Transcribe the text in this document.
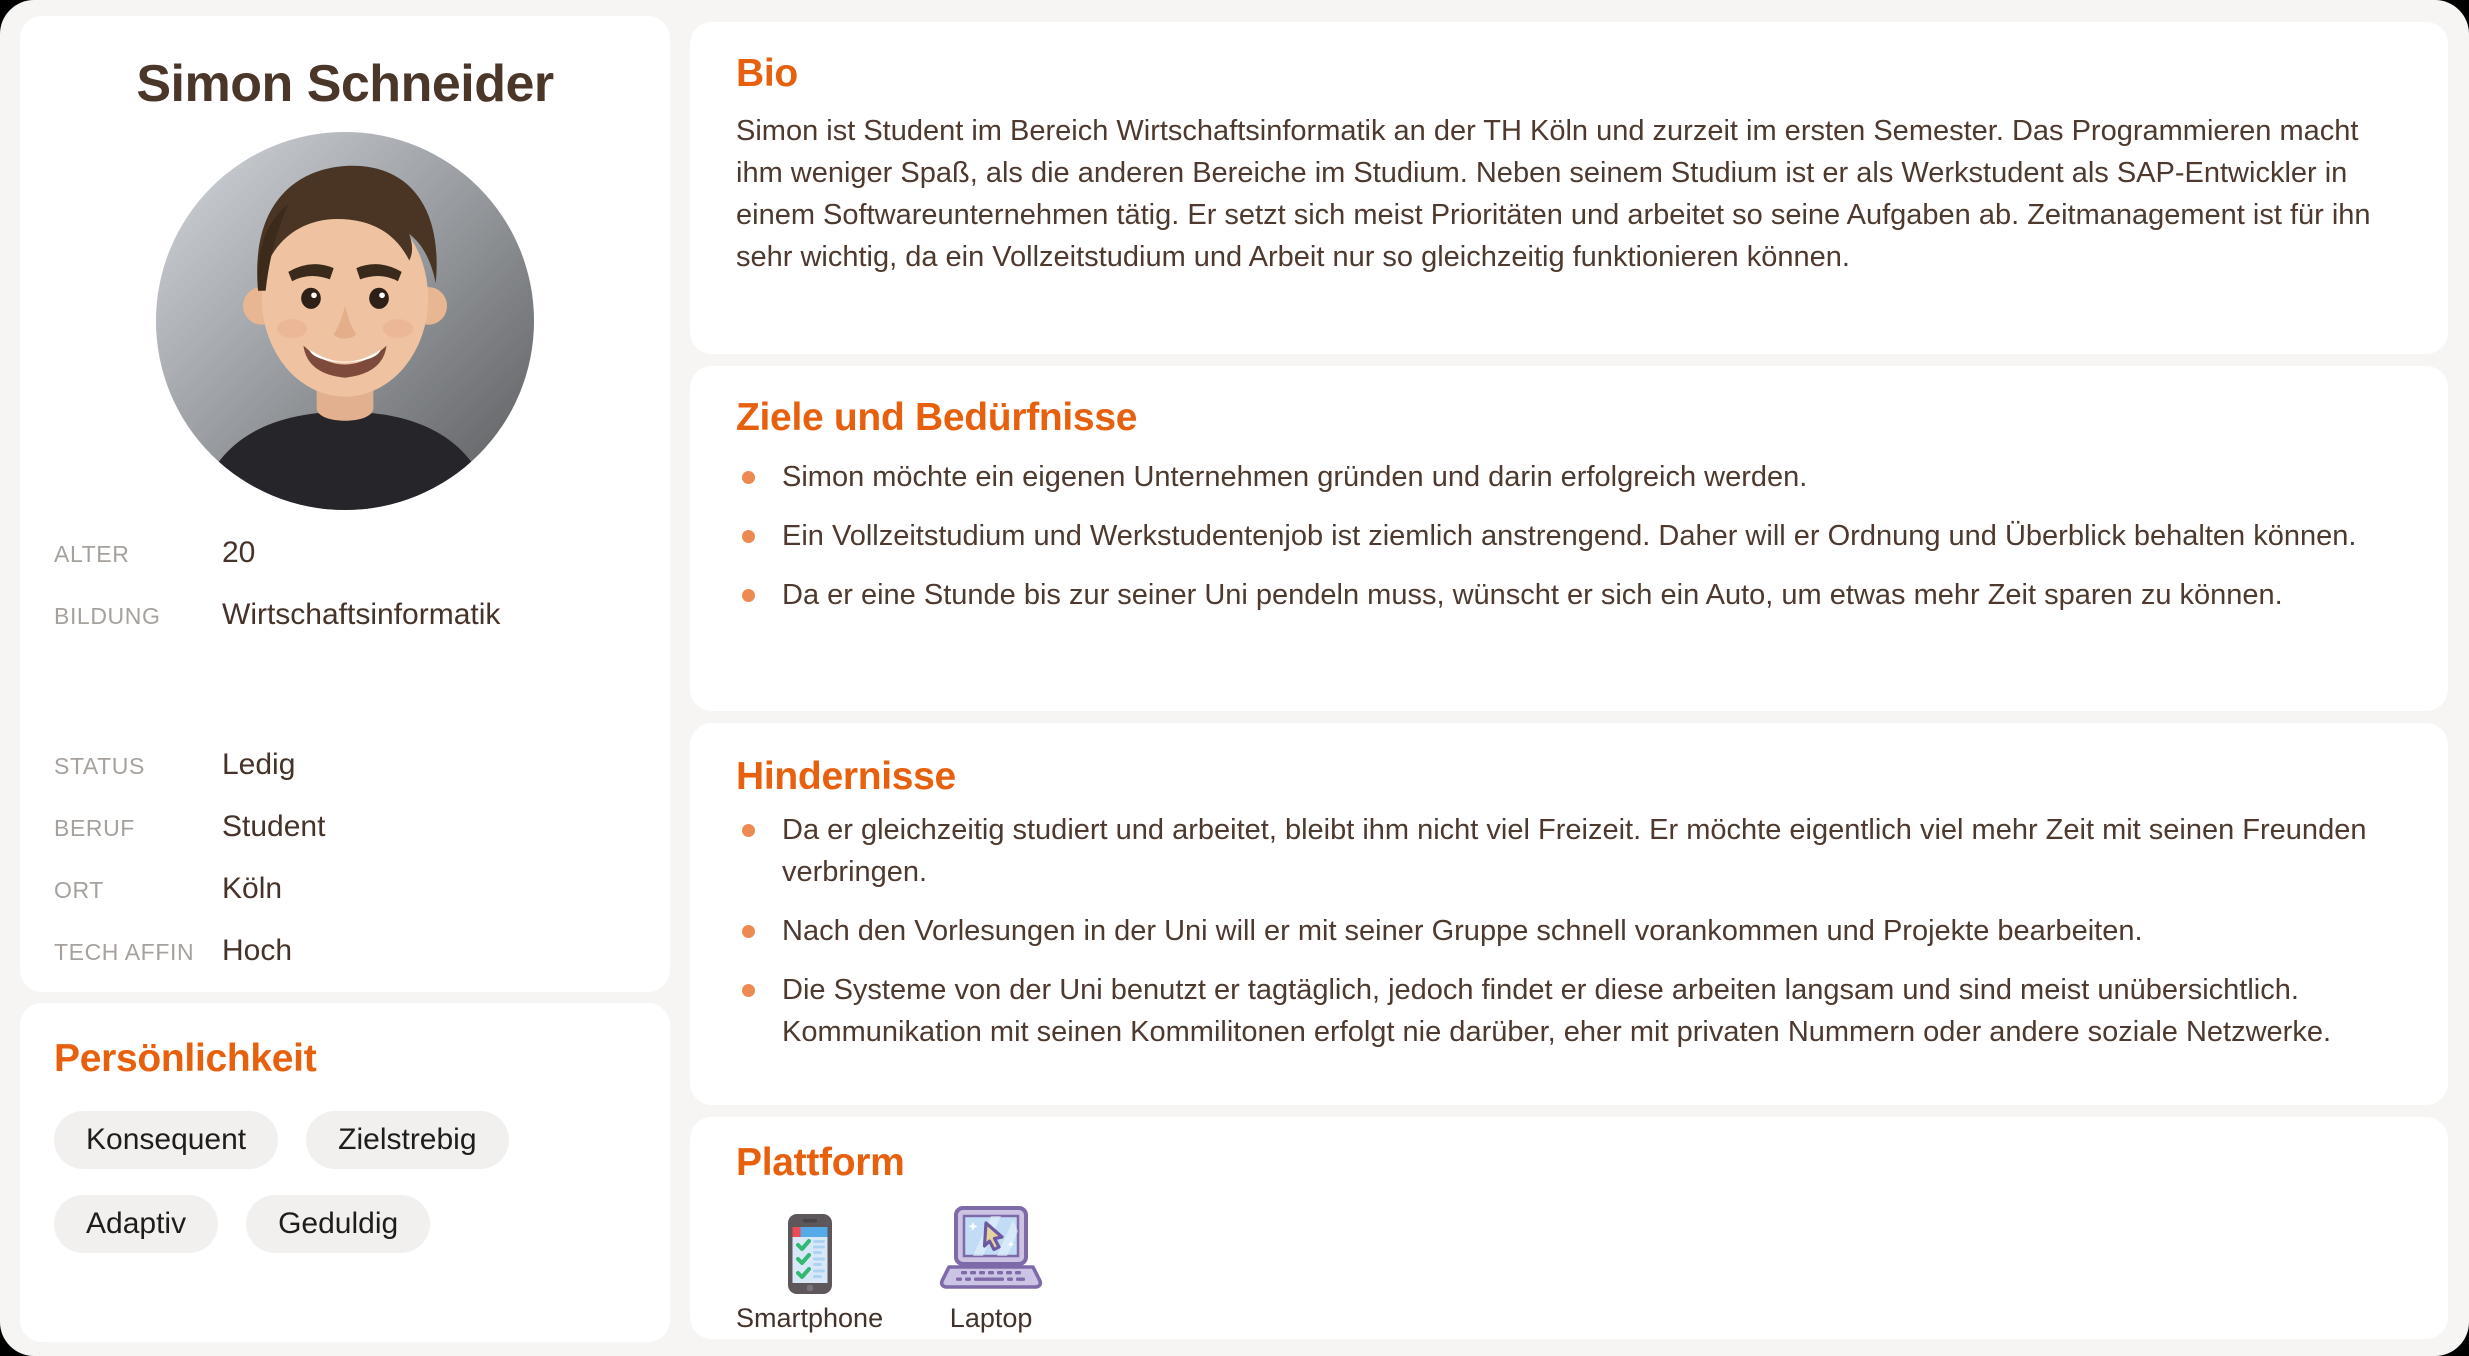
Simon Schneider
ALTER	20
BILDUNG	Wirtschaftsinformatik
STATUS	Ledig
BERUF	Student
ORT	Köln
TECH AFFIN Hoch
Persönlichkeit
Konsequent	Zielstrebig
Adaptiv	Geduldig
Bio

Simon ist Student im Bereich Wirtschaftsinformatik an der TH Köln und zurzeit im ersten Semester. Das Programmieren macht ihm weniger Spaß, als die anderen Bereiche im Studium. Neben seinem Studium ist er als Werkstudent als SAP-Entwickler in einem Softwareunternehmen tätig. Er setzt sich meist Prioritäten und arbeitet so seine Aufgaben ab. Zeitmanagement ist für ihn sehr wichtig, da ein Vollzeitstudium und Arbeit nur so gleichzeitig funktionieren können.

Ziele und Bedürfnisse
Simon möchte ein eigenen Unternehmen gründen und darin erfolgreich werden.
Ein Vollzeitstudium und Werkstudentenjob ist ziemlich anstrengend. Daher will er Ordnung und Überblick behalten können.
Da er eine Stunde bis zur seiner Uni pendeln muss, wünscht er sich ein Auto, um etwas mehr Zeit sparen zu können.
Hindernisse
Da er gleichzeitig studiert und arbeitet, bleibt ihm nicht viel Freizeit. Er möchte eigentlich viel mehr Zeit mit seinen Freunden verbringen.
Nach den Vorlesungen in der Uni will er mit seiner Gruppe schnell vorankommen und Projekte bearbeiten.
Die Systeme von der Uni benutzt er tagtäglich, jedoch findet er diese arbeiten langsam und sind meist unübersichtlich. Kommunikation mit seinen Kommilitonen erfolgt nie darüber, eher mit privaten Nummern oder andere soziale Netzwerke.
Plattform
Smartphone Laptop
